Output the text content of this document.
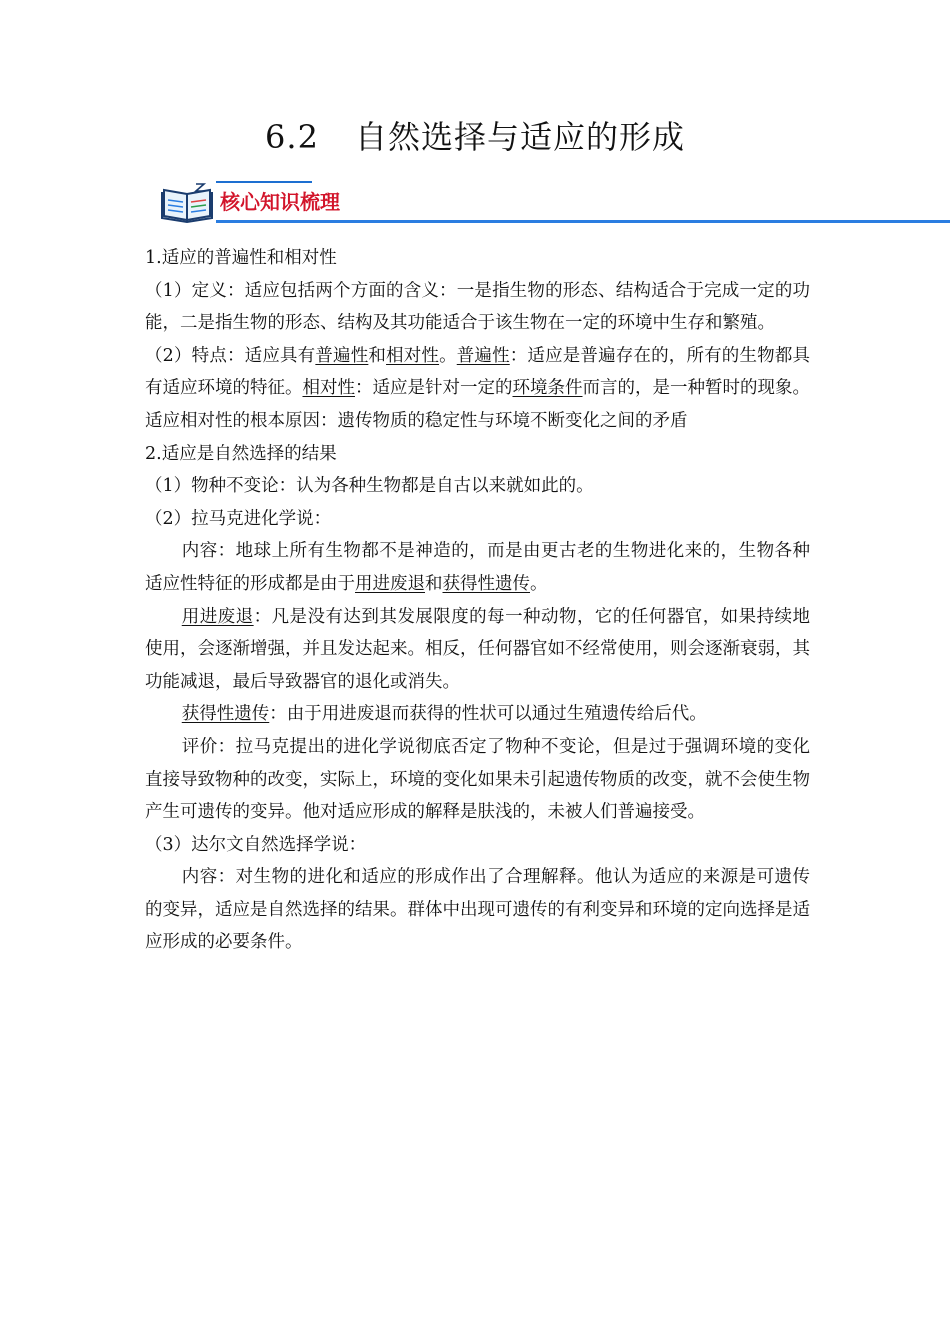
6.2 自然选择与适应的形成
核心知识梳理

1.适应的普遍性和相对性

（1）定义：适应包括两个方面的含义：一是指生物的形态、结构适合于完成一定的功能，二是指生物的形态、结构及其功能适合于该生物在一定的环境中生存和繁殖。

（2）特点：适应具有普遍性和相对性。普遍性：适应是普遍存在的，所有的生物都具有适应环境的特征。相对性：适应是针对一定的环境条件而言的，是一种暂时的现象。适应相对性的根本原因：遗传物质的稳定性与环境不断变化之间的矛盾

2.适应是自然选择的结果

（1）物种不变论：认为各种生物都是自古以来就如此的。

（2）拉马克进化学说：

内容：地球上所有生物都不是神造的，而是由更古老的生物进化来的，生物各种适应性特征的形成都是由于用进废退和获得性遗传。

用进废退：凡是没有达到其发展限度的每一种动物，它的任何器官，如果持续地使用，会逐渐增强，并且发达起来。相反，任何器官如不经常使用，则会逐渐衰弱，其功能减退，最后导致器官的退化或消失。

获得性遗传：由于用进废退而获得的性状可以通过生殖遗传给后代。

评价：拉马克提出的进化学说彻底否定了物种不变论，但是过于强调环境的变化直接导致物种的改变，实际上，环境的变化如果未引起遗传物质的改变，就不会使生物产生可遗传的变异。他对适应形成的解释是肤浅的，未被人们普遍接受。

（3）达尔文自然选择学说：

内容：对生物的进化和适应的形成作出了合理解释。他认为适应的来源是可遗传的变异，适应是自然选择的结果。群体中出现可遗传的有利变异和环境的定向选择是适应形成的必要条件。
